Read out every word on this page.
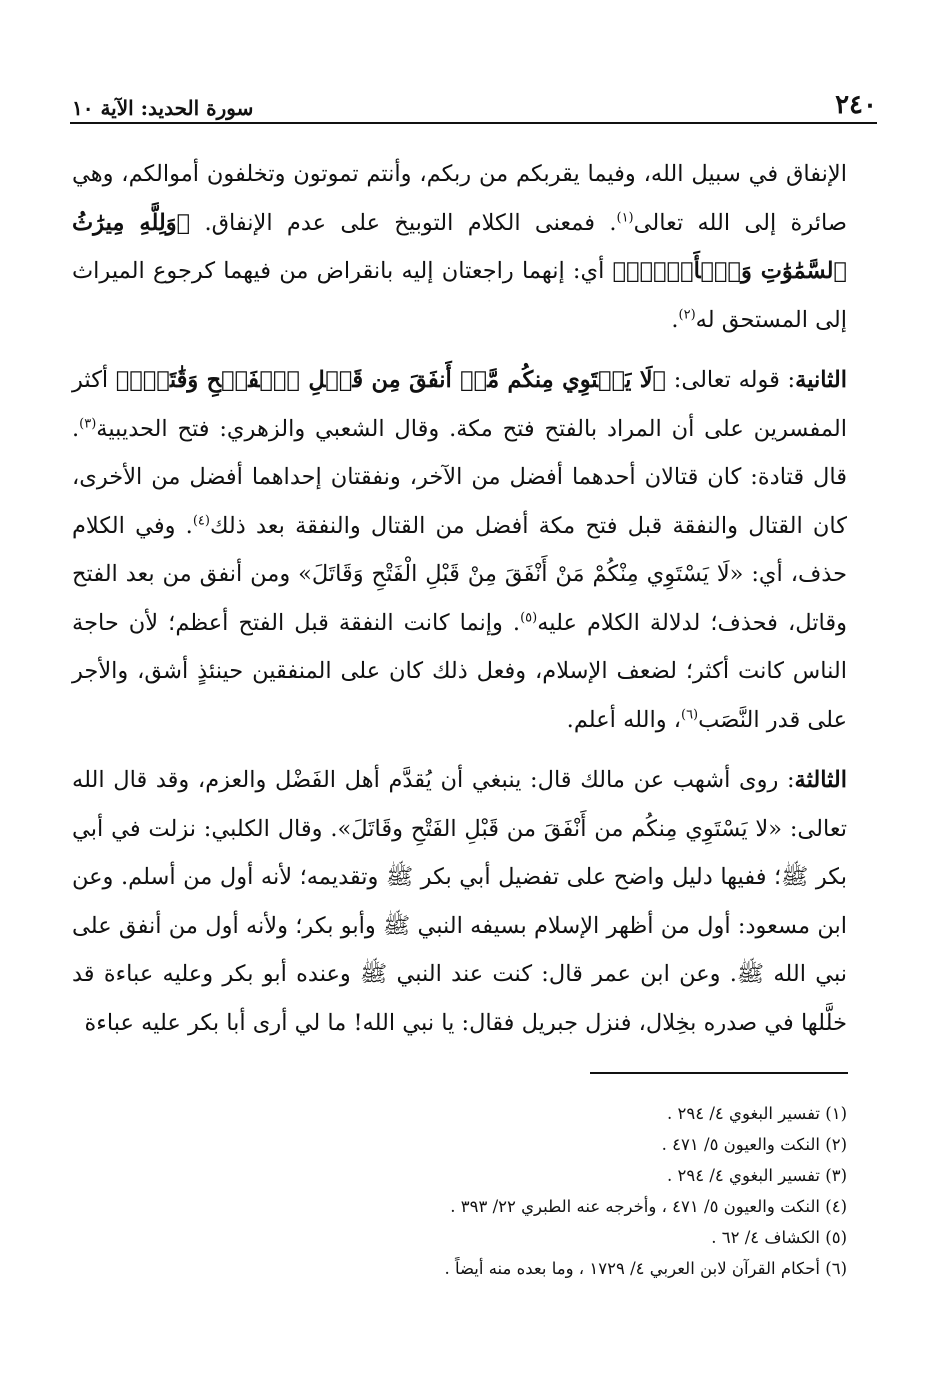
٢٤٠
سورة الحديد: الآية ١٠

الإنفاق في سبيل الله، وفيما يقربكم من ربكم، وأنتم تموتون وتخلفون أموالكم، وهي صائرة إلى الله تعالى$^{(١)}$. فمعنى الكلام التوبيخ على عدم الإنفاق. ﴿وَلِلَّهِ مِيرَٰثُ ٱلسَّمَٰوَٰتِ وَٱلۡأَرۡضِۚ﴾ أي: إنهما راجعتان إليه بانقراض من فيهما كرجوع الميراث إلى المستحق له$^{(٢)}$.

الثانية: قوله تعالى: ﴿لَا يَسۡتَوِي مِنكُم مَّنۡ أَنفَقَ مِن قَبۡلِ ٱلۡفَتۡحِ وَقَٰتَلَۚ﴾ أكثر المفسرين على أن المراد بالفتح فتح مكة. وقال الشعبي والزهري: فتح الحديبية$^{(٣)}$. قال قتادة: كان قتالان أحدهما أفضل من الآخر، ونفقتان إحداهما أفضل من الأخرى، كان القتال والنفقة قبل فتح مكة أفضل من القتال والنفقة بعد ذلك$^{(٤)}$. وفي الكلام حذف، أي: «لَا يَسْتَوِي مِنْكُمْ مَنْ أَنْفَقَ مِنْ قَبْلِ الْفَتْحِ وَقَاتَلَ» ومن أنفق من بعد الفتح وقاتل، فحذف؛ لدلالة الكلام عليه$^{(٥)}$. وإنما كانت النفقة قبل الفتح أعظم؛ لأن حاجة الناس كانت أكثر؛ لضعف الإسلام، وفعل ذلك كان على المنفقين حينئذٍ أشق، والأجر على قدر النَّصَب$^{(٦)}$، والله أعلم.

الثالثة: روى أشهب عن مالك قال: ينبغي أن يُقدَّم أهل الفَضْل والعزم، وقد قال الله تعالى: «لا يَسْتَوِي مِنكُم من أَنْفَقَ من قَبْلِ الفَتْحِ وقَاتَلَ». وقال الكلبي: نزلت في أبي بكر ﷺ؛ ففيها دليل واضح على تفضيل أبي بكر ﷺ وتقديمه؛ لأنه أول من أسلم. وعن ابن مسعود: أول من أظهر الإسلام بسيفه النبي ﷺ وأبو بكر؛ ولأنه أول من أنفق على نبي الله ﷺ. وعن ابن عمر قال: كنت عند النبي ﷺ وعنده أبو بكر وعليه عباءة قد خلَّلها في صدره بخِلال، فنزل جبريل فقال: يا نبي الله! ما لي أرى أبا بكر عليه عباءة

(١) تفسير البغوي ٤/ ٢٩٤ .
(٢) النكت والعيون ٥/ ٤٧١ .
(٣) تفسير البغوي ٤/ ٢٩٤ .
(٤) النكت والعيون ٥/ ٤٧١ ، وأخرجه عنه الطبري ٢٢/ ٣٩٣ .
(٥) الكشاف ٤/ ٦٢ .
(٦) أحكام القرآن لابن العربي ٤/ ١٧٢٩ ، وما بعده منه أيضاً .
